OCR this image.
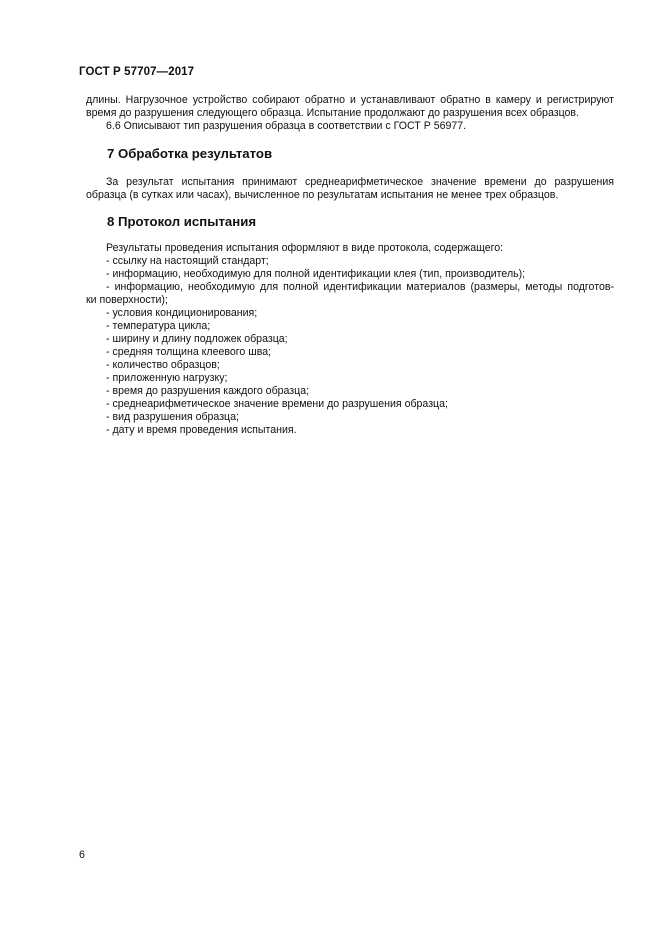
ГОСТ Р 57707—2017

длины. Нагрузочное устройство собирают обратно и устанавливают обратно в камеру и регистрируют

время до разрушения следующего образца. Испытание продолжают до разрушения всех образцов.

6.6 Описывают тип разрушения образца в соответствии с ГОСТ Р 56977.

7 Обработка результатов

За результат испытания принимают среднеарифметическое значение времени до разрушения образца (в сутках или часах), вычисленное по результатам испытания не менее трех образцов.

8 Протокол испытания

Результаты проведения испытания оформляют в виде протокола, содержащего:

- ссылку на настоящий стандарт;

- информацию, необходимую для полной идентификации клея (тип, производитель);

- информацию, необходимую для полной идентификации материалов (размеры, методы подготов-

ки поверхности);

- условия кондиционирования;

- температура цикла;

- ширину и длину подложек образца;

- средняя толщина клеевого шва;

- количество образцов;

- приложенную нагрузку;

- время до разрушения каждого образца;

- среднеарифметическое значение времени до разрушения образца;

- вид разрушения образца;

- дату и время проведения испытания.

6
